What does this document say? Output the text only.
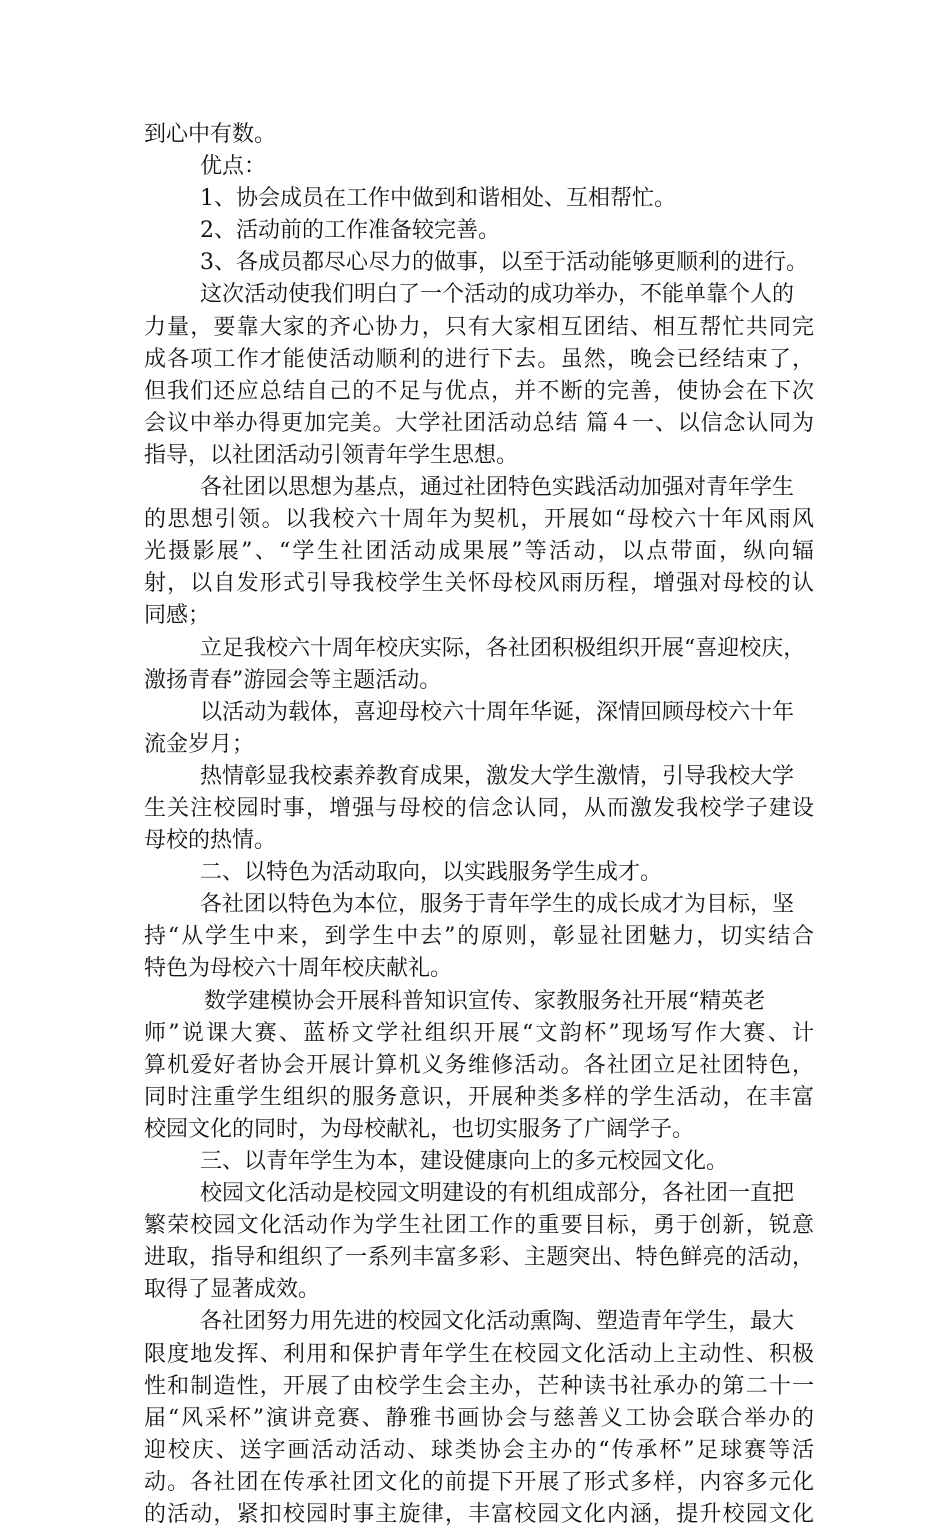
到心中有数。
优点：
1、协会成员在工作中做到和谐相处、互相帮忙。
2、活动前的工作准备较完善。
3、各成员都尽心尽力的做事，以至于活动能够更顺利的进行。
这次活动使我们明白了一个活动的成功举办，不能单靠个人的
力量，要靠大家的齐心协力，只有大家相互团结、相互帮忙共同完
成各项工作才能使活动顺利的进行下去。虽然，晚会已经结束了，
但我们还应总结自己的不足与优点，并不断的完善，使协会在下次
会议中举办得更加完美。大学社团活动总结 篇４一、以信念认同为
指导，以社团活动引领青年学生思想。
各社团以思想为基点，通过社团特色实践活动加强对青年学生
的思想引领。以我校六十周年为契机，开展如“母校六十年风雨风
光摄影展”、“学生社团活动成果展”等活动，以点带面，纵向辐
射，以自发形式引导我校学生关怀母校风雨历程，增强对母校的认
同感；
立足我校六十周年校庆实际，各社团积极组织开展“喜迎校庆，
激扬青春”游园会等主题活动。
以活动为载体，喜迎母校六十周年华诞，深情回顾母校六十年
流金岁月；
热情彰显我校素养教育成果，激发大学生激情，引导我校大学
生关注校园时事，增强与母校的信念认同，从而激发我校学子建设
母校的热情。
二、以特色为活动取向，以实践服务学生成才。
各社团以特色为本位，服务于青年学生的成长成才为目标，坚
持“从学生中来，到学生中去”的原则，彰显社团魅力，切实结合
特色为母校六十周年校庆献礼。
数学建模协会开展科普知识宣传、家教服务社开展“精英老
师”说课大赛、蓝桥文学社组织开展“文韵杯”现场写作大赛、计
算机爱好者协会开展计算机义务维修活动。各社团立足社团特色，
同时注重学生组织的服务意识，开展种类多样的学生活动，在丰富
校园文化的同时，为母校献礼，也切实服务了广阔学子。
三、以青年学生为本，建设健康向上的多元校园文化。
校园文化活动是校园文明建设的有机组成部分，各社团一直把
繁荣校园文化活动作为学生社团工作的重要目标，勇于创新，锐意
进取，指导和组织了一系列丰富多彩、主题突出、特色鲜亮的活动，
取得了显著成效。
各社团努力用先进的校园文化活动熏陶、塑造青年学生，最大
限度地发挥、利用和保护青年学生在校园文化活动上主动性、积极
性和制造性，开展了由校学生会主办，芒种读书社承办的第二十一
届“风采杯”演讲竞赛、静雅书画协会与慈善义工协会联合举办的
迎校庆、送字画活动活动、球类协会主办的“传承杯”足球赛等活
动。各社团在传承社团文化的前提下开展了形式多样，内容多元化
的活动，紧扣校园时事主旋律，丰富校园文化内涵，提升校园文化
